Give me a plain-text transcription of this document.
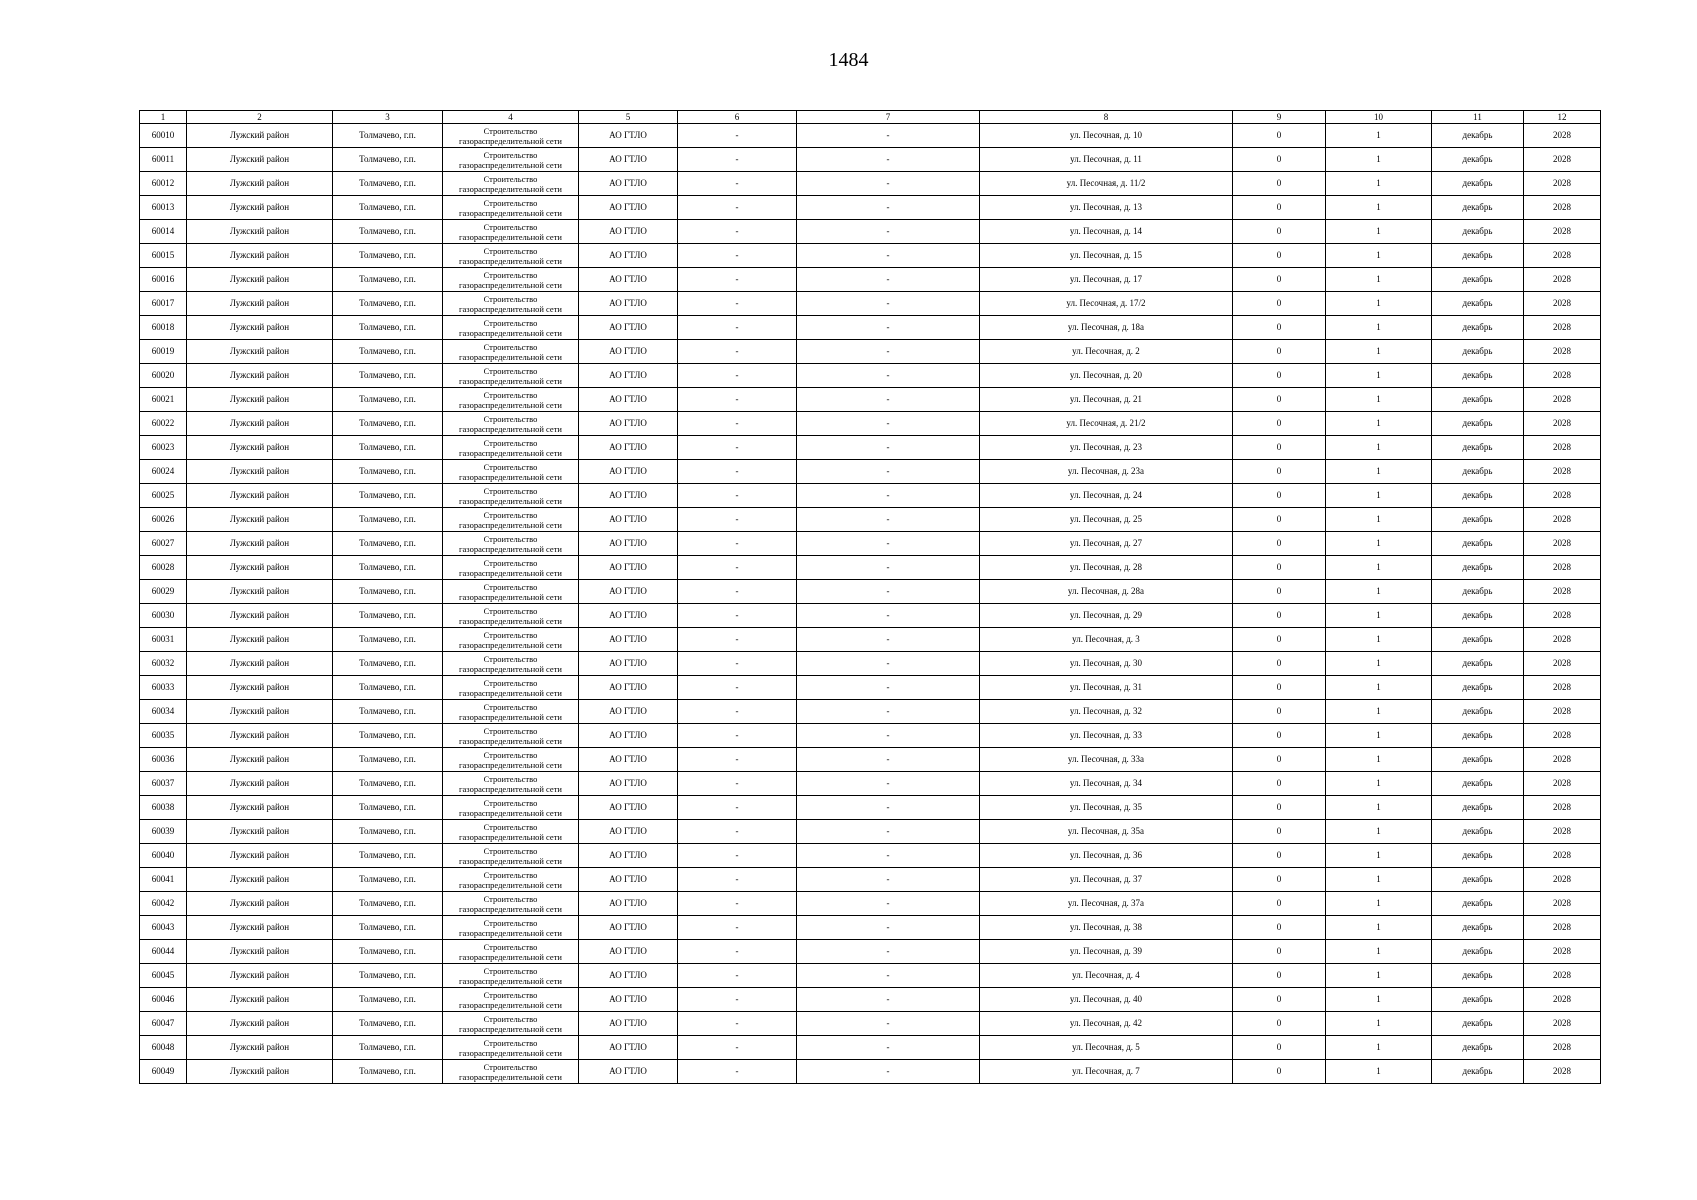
1484
1	2	3	4	5	6	7	8	9	10	11	12
60010	Лужский район	Толмачево, г.п.	Строительство газораспределительной сети	АО ГТЛО	-	-	ул. Песочная, д. 10	0	1	декабрь	2028
60011	Лужский район	Толмачево, г.п.	Строительство газораспределительной сети	АО ГТЛО	-	-	ул. Песочная, д. 11	0	1	декабрь	2028
60012	Лужский район	Толмачево, г.п.	Строительство газораспределительной сети	АО ГТЛО	-	-	ул. Песочная, д. 11/2	0	1	декабрь	2028
60013	Лужский район	Толмачево, г.п.	Строительство газораспределительной сети	АО ГТЛО	-	-	ул. Песочная, д. 13	0	1	декабрь	2028
60014	Лужский район	Толмачево, г.п.	Строительство газораспределительной сети	АО ГТЛО	-	-	ул. Песочная, д. 14	0	1	декабрь	2028
60015	Лужский район	Толмачево, г.п.	Строительство газораспределительной сети	АО ГТЛО	-	-	ул. Песочная, д. 15	0	1	декабрь	2028
60016	Лужский район	Толмачево, г.п.	Строительство газораспределительной сети	АО ГТЛО	-	-	ул. Песочная, д. 17	0	1	декабрь	2028
60017	Лужский район	Толмачево, г.п.	Строительство газораспределительной сети	АО ГТЛО	-	-	ул. Песочная, д. 17/2	0	1	декабрь	2028
60018	Лужский район	Толмачево, г.п.	Строительство газораспределительной сети	АО ГТЛО	-	-	ул. Песочная, д. 18а	0	1	декабрь	2028
60019	Лужский район	Толмачево, г.п.	Строительство газораспределительной сети	АО ГТЛО	-	-	ул. Песочная, д. 2	0	1	декабрь	2028
60020	Лужский район	Толмачево, г.п.	Строительство газораспределительной сети	АО ГТЛО	-	-	ул. Песочная, д. 20	0	1	декабрь	2028
60021	Лужский район	Толмачево, г.п.	Строительство газораспределительной сети	АО ГТЛО	-	-	ул. Песочная, д. 21	0	1	декабрь	2028
60022	Лужский район	Толмачево, г.п.	Строительство газораспределительной сети	АО ГТЛО	-	-	ул. Песочная, д. 21/2	0	1	декабрь	2028
60023	Лужский район	Толмачево, г.п.	Строительство газораспределительной сети	АО ГТЛО	-	-	ул. Песочная, д. 23	0	1	декабрь	2028
60024	Лужский район	Толмачево, г.п.	Строительство газораспределительной сети	АО ГТЛО	-	-	ул. Песочная, д. 23а	0	1	декабрь	2028
60025	Лужский район	Толмачево, г.п.	Строительство газораспределительной сети	АО ГТЛО	-	-	ул. Песочная, д. 24	0	1	декабрь	2028
60026	Лужский район	Толмачево, г.п.	Строительство газораспределительной сети	АО ГТЛО	-	-	ул. Песочная, д. 25	0	1	декабрь	2028
60027	Лужский район	Толмачево, г.п.	Строительство газораспределительной сети	АО ГТЛО	-	-	ул. Песочная, д. 27	0	1	декабрь	2028
60028	Лужский район	Толмачево, г.п.	Строительство газораспределительной сети	АО ГТЛО	-	-	ул. Песочная, д. 28	0	1	декабрь	2028
60029	Лужский район	Толмачево, г.п.	Строительство газораспределительной сети	АО ГТЛО	-	-	ул. Песочная, д. 28а	0	1	декабрь	2028
60030	Лужский район	Толмачево, г.п.	Строительство газораспределительной сети	АО ГТЛО	-	-	ул. Песочная, д. 29	0	1	декабрь	2028
60031	Лужский район	Толмачево, г.п.	Строительство газораспределительной сети	АО ГТЛО	-	-	ул. Песочная, д. 3	0	1	декабрь	2028
60032	Лужский район	Толмачево, г.п.	Строительство газораспределительной сети	АО ГТЛО	-	-	ул. Песочная, д. 30	0	1	декабрь	2028
60033	Лужский район	Толмачево, г.п.	Строительство газораспределительной сети	АО ГТЛО	-	-	ул. Песочная, д. 31	0	1	декабрь	2028
60034	Лужский район	Толмачево, г.п.	Строительство газораспределительной сети	АО ГТЛО	-	-	ул. Песочная, д. 32	0	1	декабрь	2028
60035	Лужский район	Толмачево, г.п.	Строительство газораспределительной сети	АО ГТЛО	-	-	ул. Песочная, д. 33	0	1	декабрь	2028
60036	Лужский район	Толмачево, г.п.	Строительство газораспределительной сети	АО ГТЛО	-	-	ул. Песочная, д. 33а	0	1	декабрь	2028
60037	Лужский район	Толмачево, г.п.	Строительство газораспределительной сети	АО ГТЛО	-	-	ул. Песочная, д. 34	0	1	декабрь	2028
60038	Лужский район	Толмачево, г.п.	Строительство газораспределительной сети	АО ГТЛО	-	-	ул. Песочная, д. 35	0	1	декабрь	2028
60039	Лужский район	Толмачево, г.п.	Строительство газораспределительной сети	АО ГТЛО	-	-	ул. Песочная, д. 35а	0	1	декабрь	2028
60040	Лужский район	Толмачево, г.п.	Строительство газораспределительной сети	АО ГТЛО	-	-	ул. Песочная, д. 36	0	1	декабрь	2028
60041	Лужский район	Толмачево, г.п.	Строительство газораспределительной сети	АО ГТЛО	-	-	ул. Песочная, д. 37	0	1	декабрь	2028
60042	Лужский район	Толмачево, г.п.	Строительство газораспределительной сети	АО ГТЛО	-	-	ул. Песочная, д. 37а	0	1	декабрь	2028
60043	Лужский район	Толмачево, г.п.	Строительство газораспределительной сети	АО ГТЛО	-	-	ул. Песочная, д. 38	0	1	декабрь	2028
60044	Лужский район	Толмачево, г.п.	Строительство газораспределительной сети	АО ГТЛО	-	-	ул. Песочная, д. 39	0	1	декабрь	2028
60045	Лужский район	Толмачево, г.п.	Строительство газораспределительной сети	АО ГТЛО	-	-	ул. Песочная, д. 4	0	1	декабрь	2028
60046	Лужский район	Толмачево, г.п.	Строительство газораспределительной сети	АО ГТЛО	-	-	ул. Песочная, д. 40	0	1	декабрь	2028
60047	Лужский район	Толмачево, г.п.	Строительство газораспределительной сети	АО ГТЛО	-	-	ул. Песочная, д. 42	0	1	декабрь	2028
60048	Лужский район	Толмачево, г.п.	Строительство газораспределительной сети	АО ГТЛО	-	-	ул. Песочная, д. 5	0	1	декабрь	2028
60049	Лужский район	Толмачево, г.п.	Строительство газораспределительной сети	АО ГТЛО	-	-	ул. Песочная, д. 7	0	1	декабрь	2028
